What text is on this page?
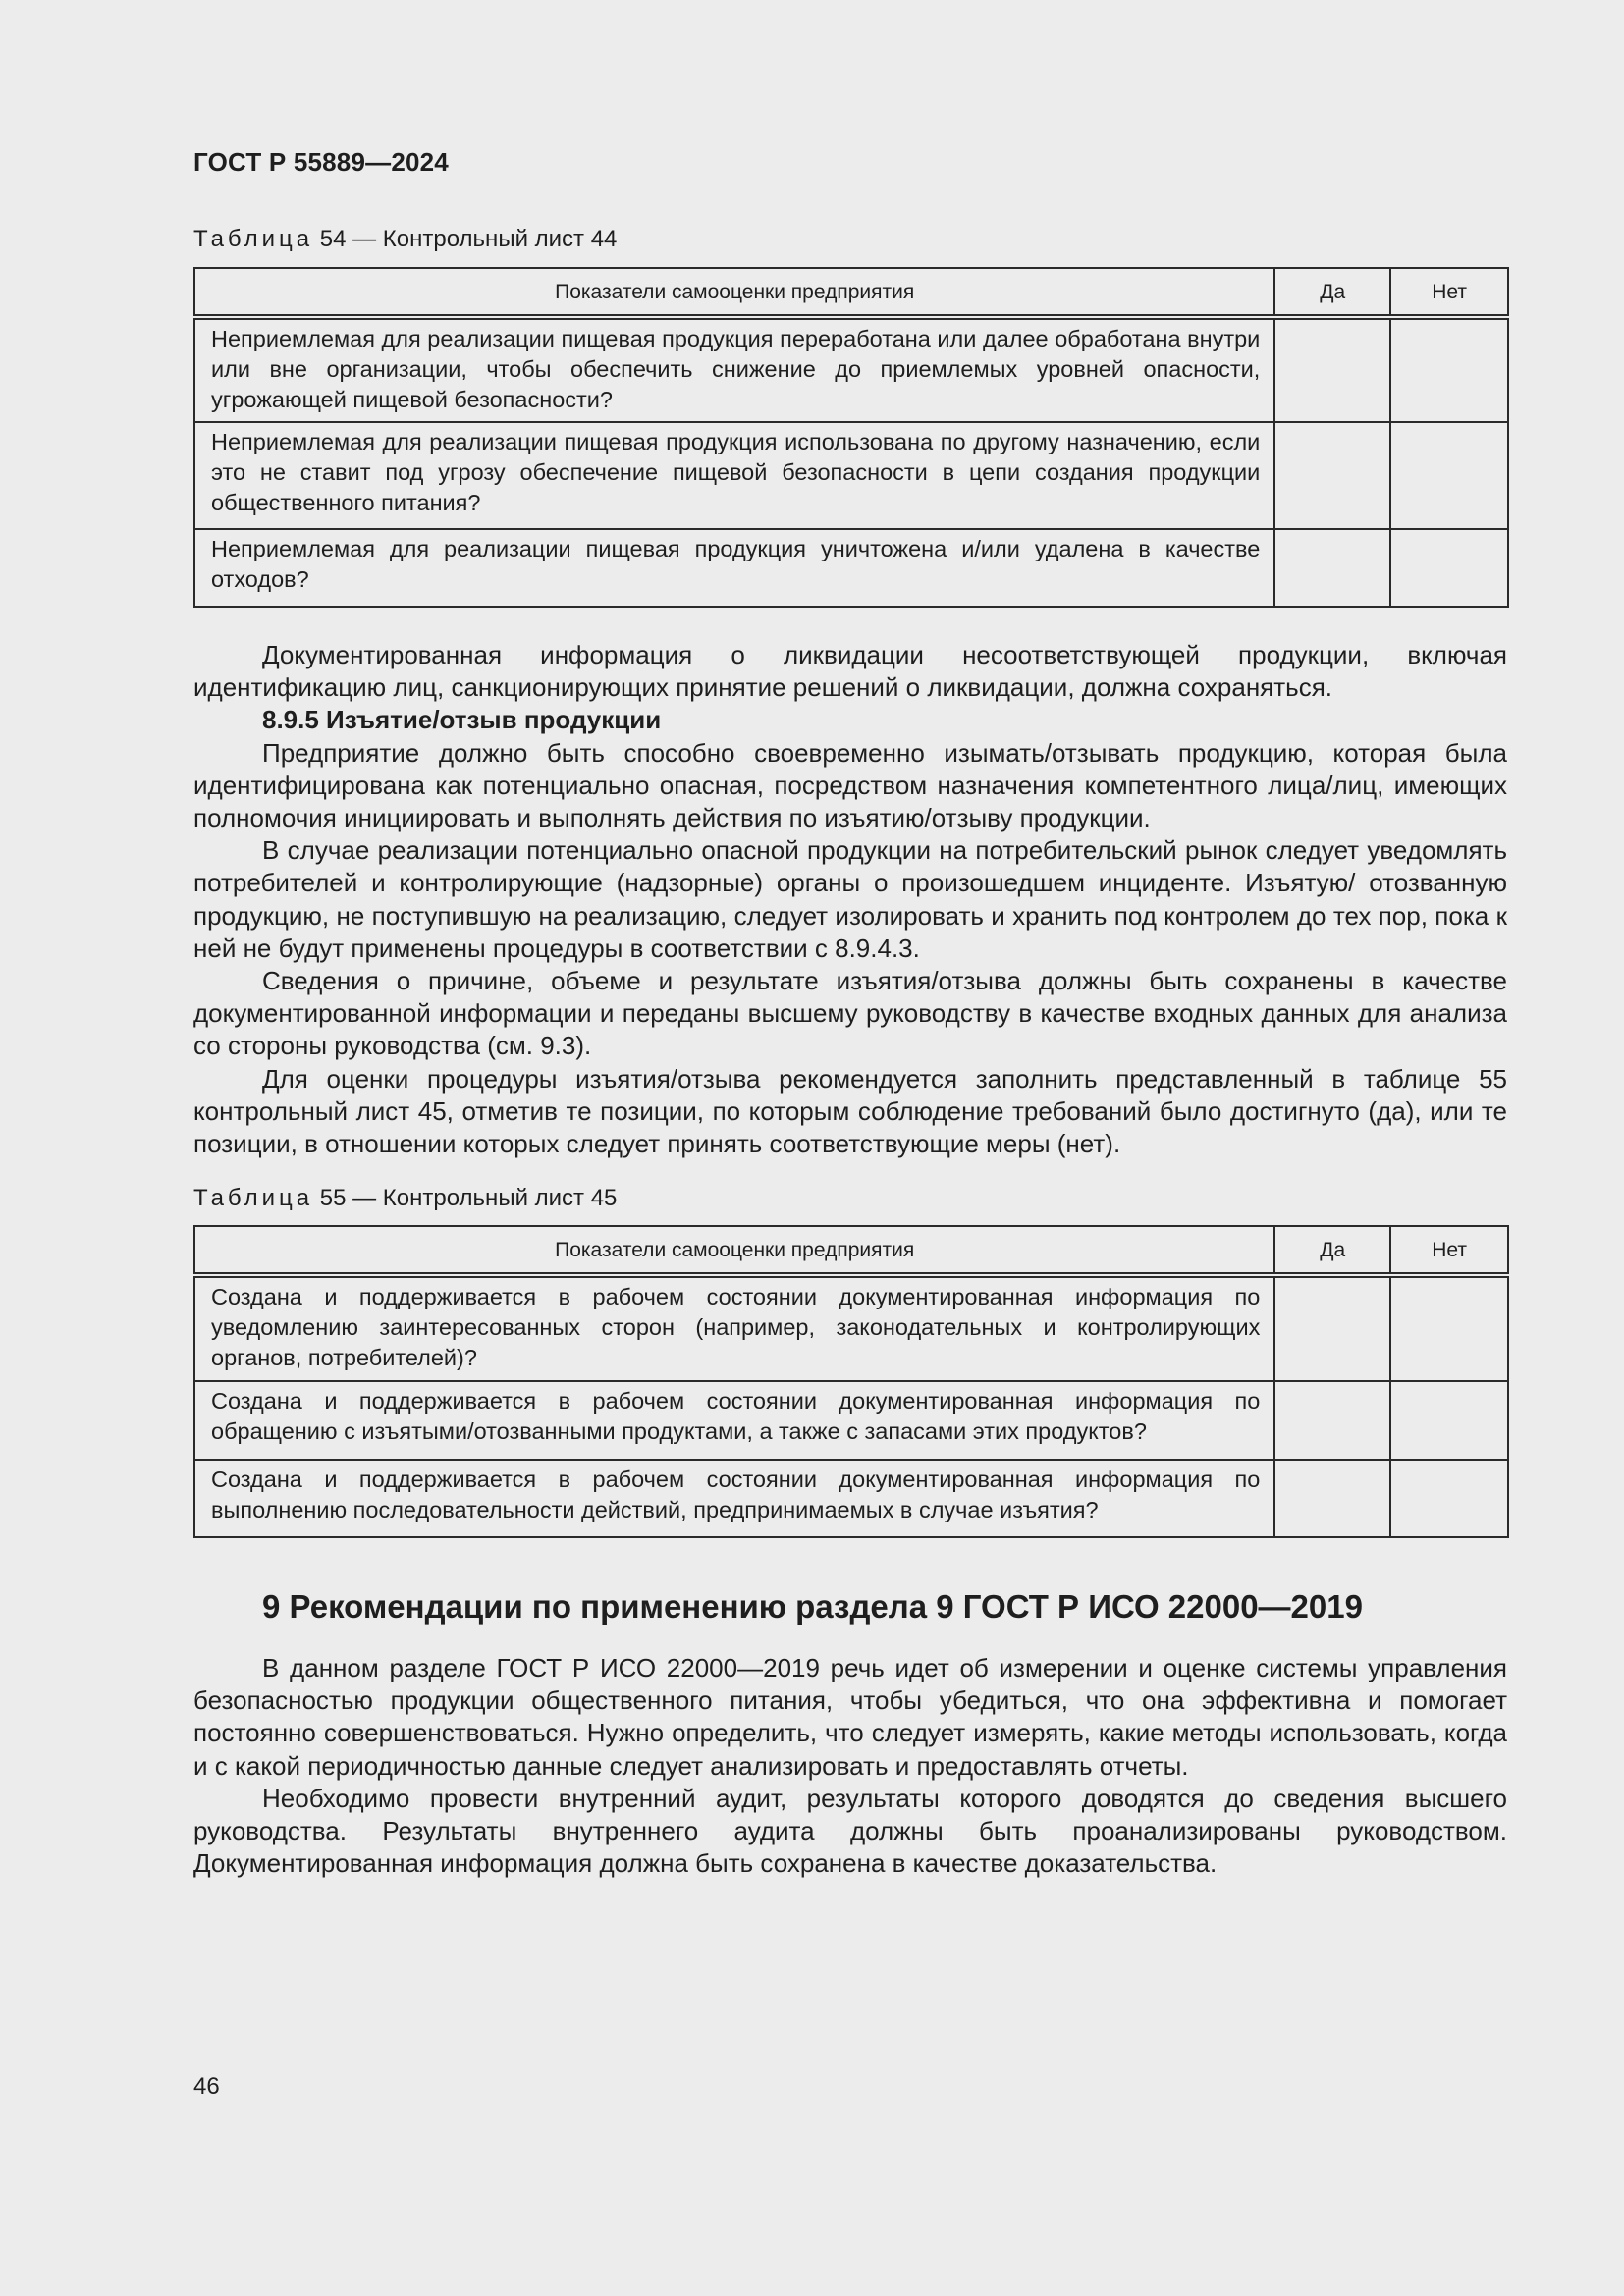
ГОСТ Р 55889—2024
Таблица 54 — Контрольный лист 44
Показатели самооценки предприятия	Да	Нет
Неприемлемая для реализации пищевая продукция переработана или далее обработана внутри или вне организации, чтобы обеспечить снижение до приемлемых уровней опасности, угрожающей пищевой безопасности?		
Неприемлемая для реализации пищевая продукция использована по другому назначению, если это не ставит под угрозу обеспечение пищевой безопасности в цепи создания продукции общественного питания?		
Неприемлемая для реализации пищевая продукция уничтожена и/или удалена в качестве отходов?		

Документированная информация о ликвидации несоответствующей продукции, включая идентификацию лиц, санкционирующих принятие решений о ликвидации, должна сохраняться.

8.9.5 Изъятие/отзыв продукции

Предприятие должно быть способно своевременно изымать/отзывать продукцию, которая была идентифицирована как потенциально опасная, посредством назначения компетентного лица/лиц, имеющих полномочия инициировать и выполнять действия по изъятию/отзыву продукции.

В случае реализации потенциально опасной продукции на потребительский рынок следует уведомлять потребителей и контролирующие (надзорные) органы о произошедшем инциденте. Изъятую/ отозванную продукцию, не поступившую на реализацию, следует изолировать и хранить под контролем до тех пор, пока к ней не будут применены процедуры в соответствии с 8.9.4.3.

Сведения о причине, объеме и результате изъятия/отзыва должны быть сохранены в качестве документированной информации и переданы высшему руководству в качестве входных данных для анализа со стороны руководства (см. 9.3).

Для оценки процедуры изъятия/отзыва рекомендуется заполнить представленный в таблице 55 контрольный лист 45, отметив те позиции, по которым соблюдение требований было достигнуто (да), или те позиции, в отношении которых следует принять соответствующие меры (нет).

Таблица 55 — Контрольный лист 45
Показатели самооценки предприятия	Да	Нет
Создана и поддерживается в рабочем состоянии документированная информация по уведомлению заинтересованных сторон (например, законодательных и контролирующих органов, потребителей)?		
Создана и поддерживается в рабочем состоянии документированная информация по обращению с изъятыми/отозванными продуктами, а также с запасами этих продуктов?		
Создана и поддерживается в рабочем состоянии документированная информация по выполнению последовательности действий, предпринимаемых в случае изъятия?		
9 Рекомендации по применению раздела 9 ГОСТ Р ИСО 22000—2019

В данном разделе ГОСТ Р ИСО 22000—2019 речь идет об измерении и оценке системы управления безопасностью продукции общественного питания, чтобы убедиться, что она эффективна и помогает постоянно совершенствоваться. Нужно определить, что следует измерять, какие методы использовать, когда и с какой периодичностью данные следует анализировать и предоставлять отчеты.

Необходимо провести внутренний аудит, результаты которого доводятся до сведения высшего руководства. Результаты внутреннего аудита должны быть проанализированы руководством. Документированная информация должна быть сохранена в качестве доказательства.

46
